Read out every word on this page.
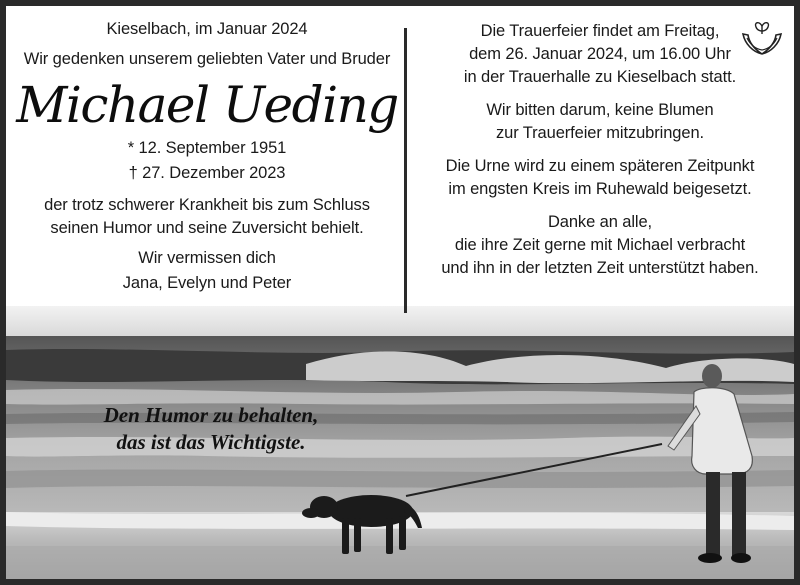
Kieselbach, im Januar 2024

Wir gedenken unserem geliebten Vater und Bruder

Michael Ueding

* 12. September 1951

† 27. Dezember 2023

der trotz schwerer Krankheit bis zum Schluss

seinen Humor und seine Zuversicht behielt.

Wir vermissen dich

Jana, Evelyn und Peter

Die Trauerfeier findet am Freitag,

dem 26. Januar 2024, um 16.00 Uhr

in der Trauerhalle zu Kieselbach statt.

Wir bitten darum, keine Blumen

zur Trauerfeier mitzubringen.

Die Urne wird zu einem späteren Zeitpunkt

im engsten Kreis im Ruhewald beigesetzt.

Danke an alle,

die ihre Zeit gerne mit Michael verbracht

und ihn in der letzten Zeit unterstützt haben.

Den Humor zu behalten,
das ist das Wichtigste.
